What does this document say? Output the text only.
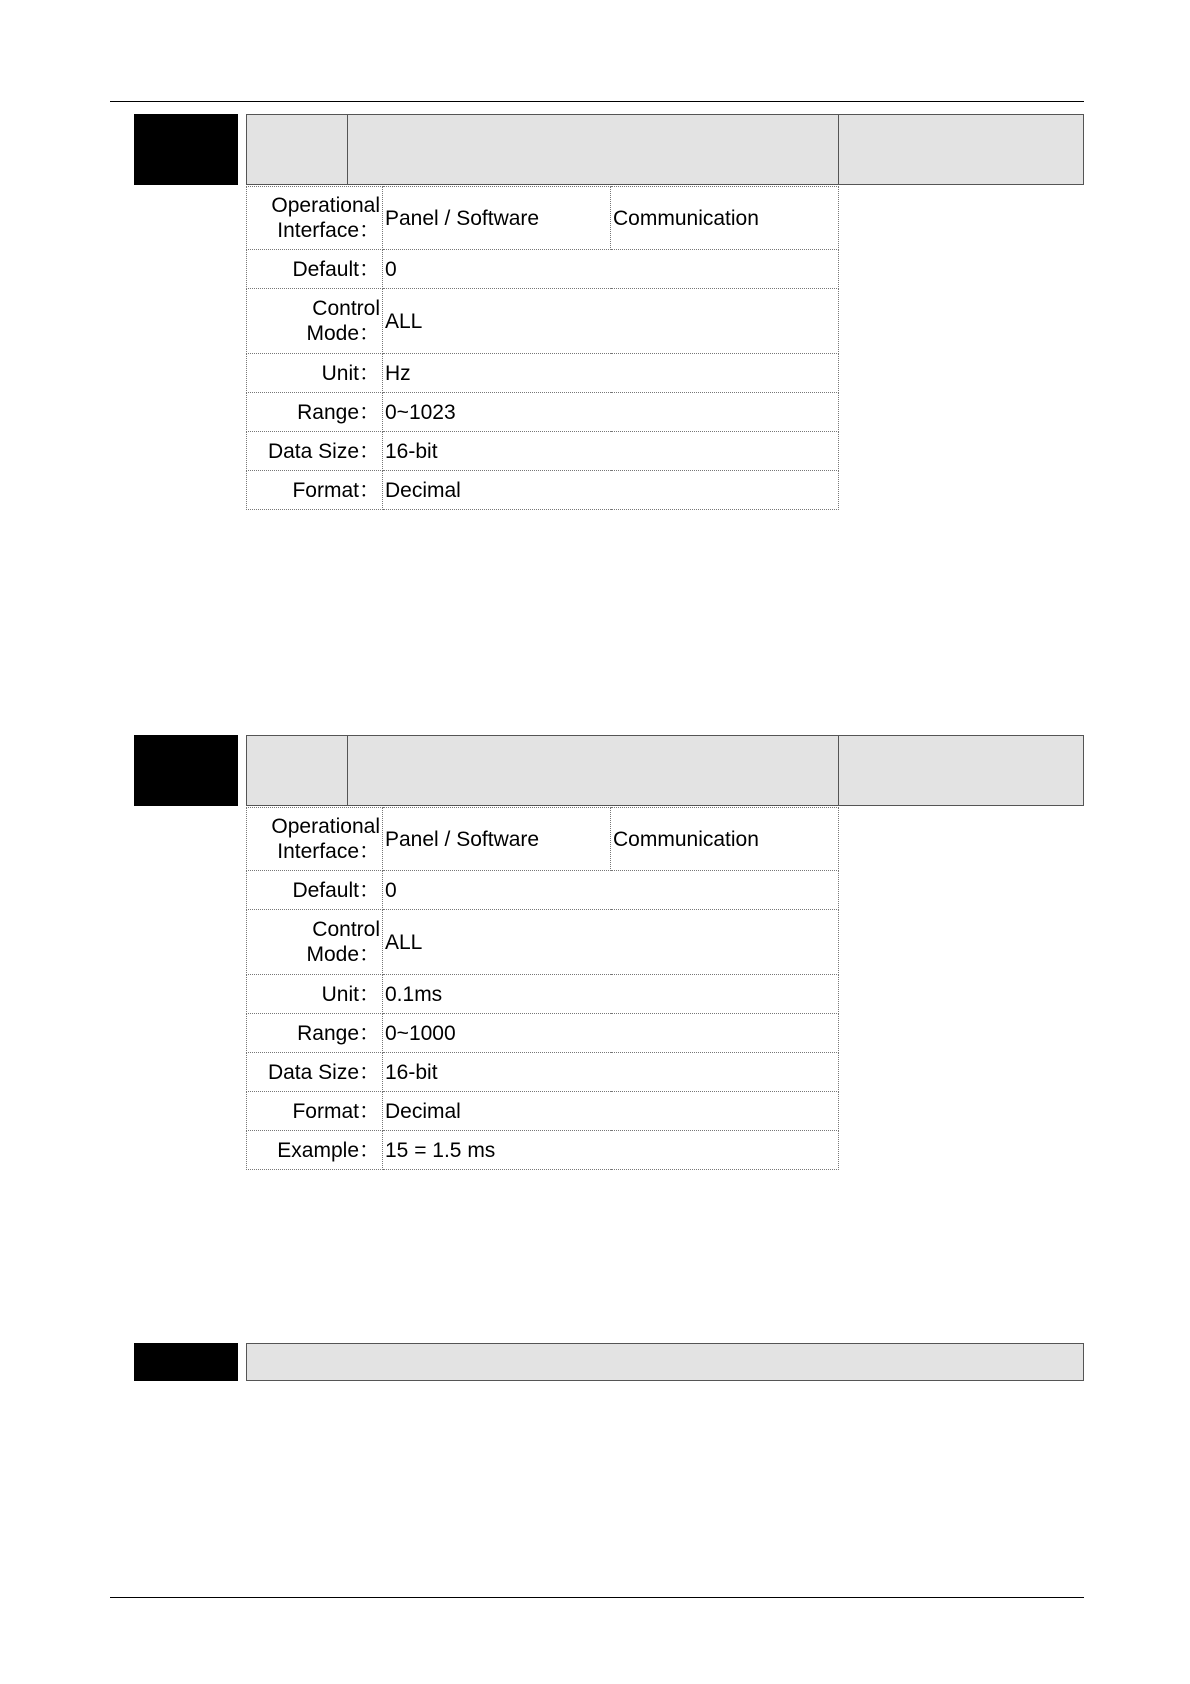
Operational
Interface：	Panel / Software	Communication
Default：	0	
Control
Mode：	ALL	
Unit：	Hz	
Range：	0~1023	
Data Size：	16-bit	
Format：	Decimal	
Operational
Interface：	Panel / Software	Communication
Default：	0	
Control
Mode：	ALL	
Unit：	0.1ms	
Range：	0~1000	
Data Size：	16-bit	
Format：	Decimal	
Example：	15 = 1.5 ms	
